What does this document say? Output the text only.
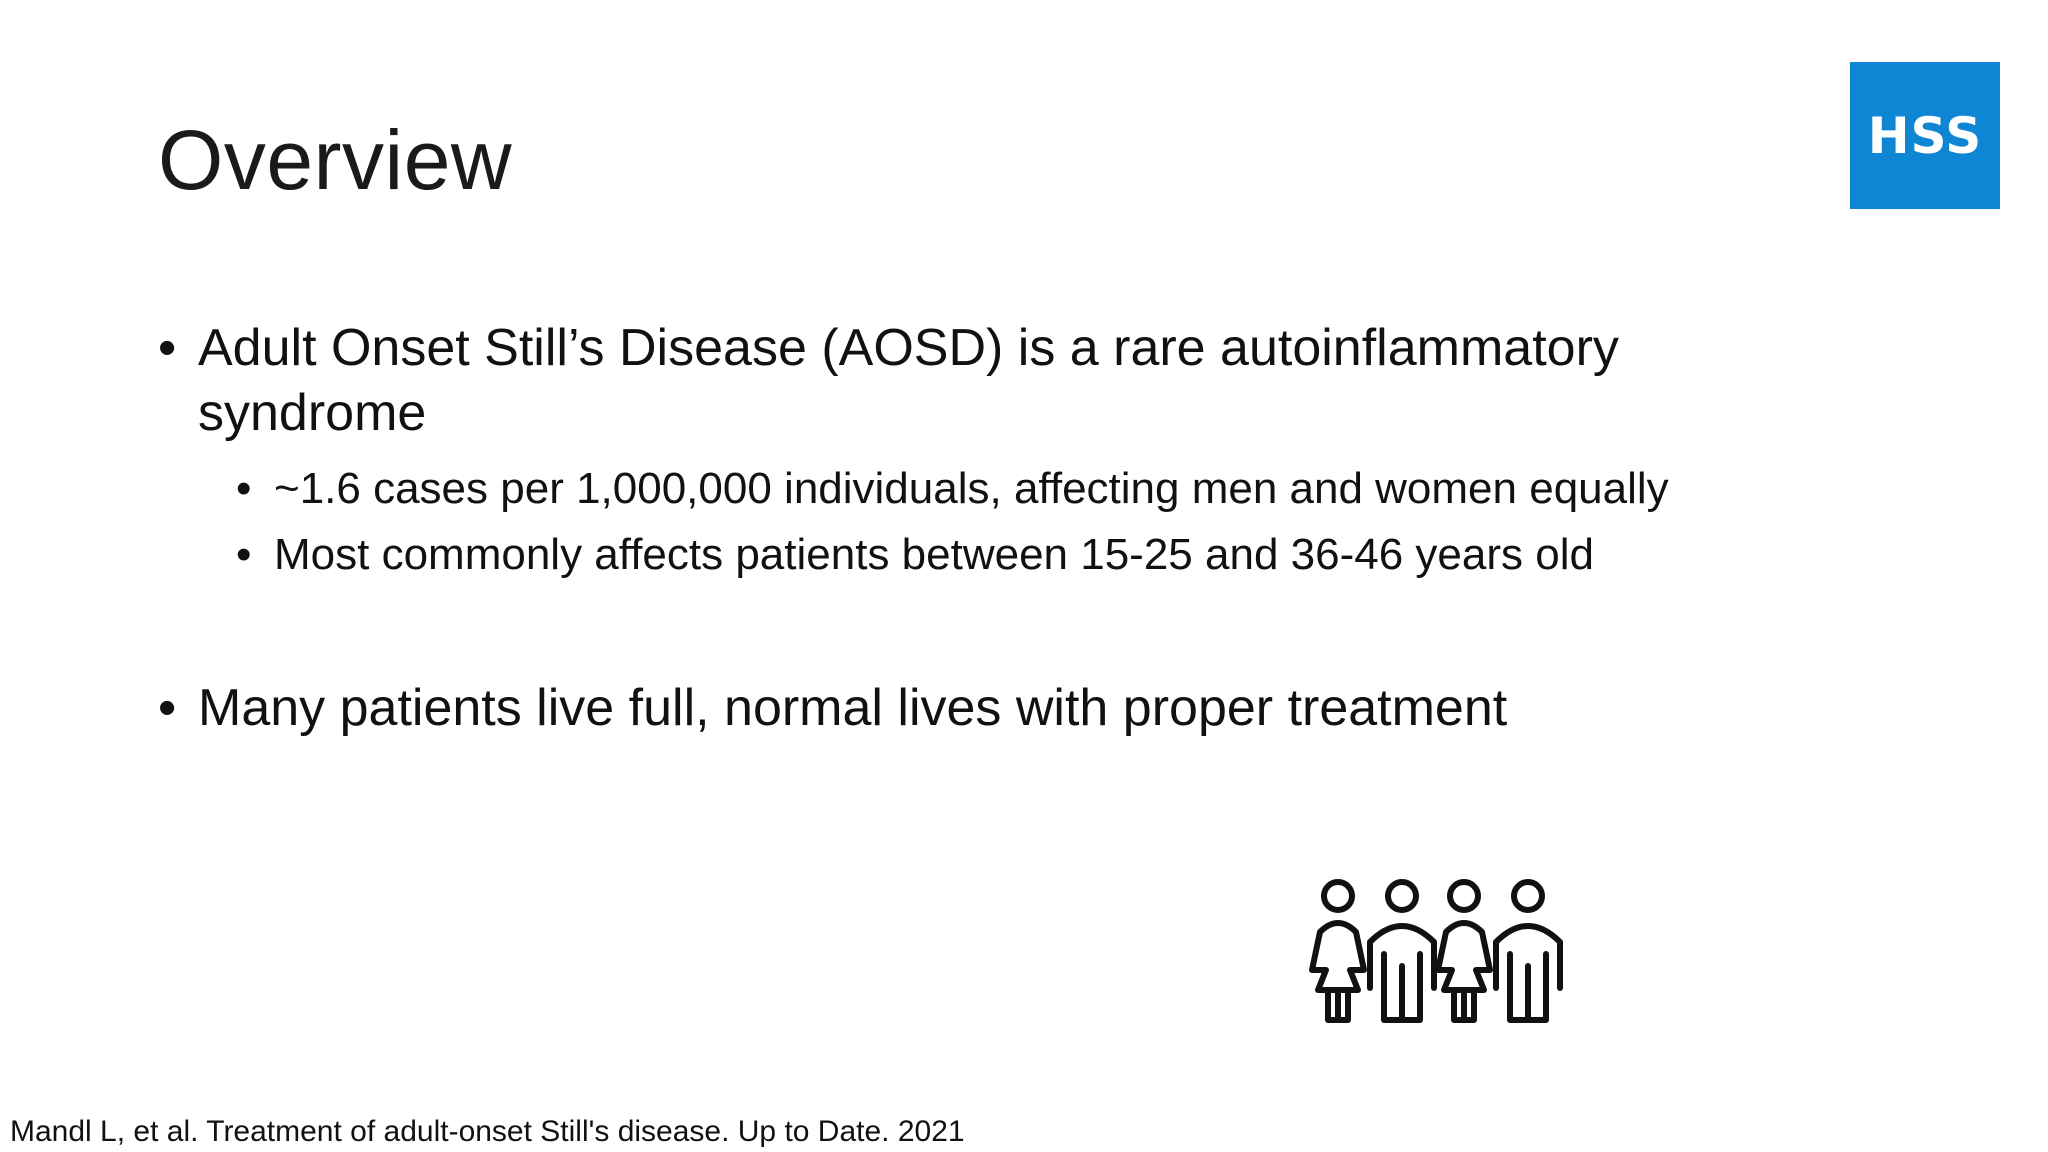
Overview	HSS
• Adult Onset Still’s Disease (AOSD) is a rare autoinflammatory syndrome
• ~1.6 cases per 1,000,000 individuals, affecting men and women equally
• Most commonly affects patients between 15-25 and 36-46 years old
• Many patients live full, normal lives with proper treatment
Mandl L, et al. Treatment of adult-onset Still's disease. Up to Date. 2021
